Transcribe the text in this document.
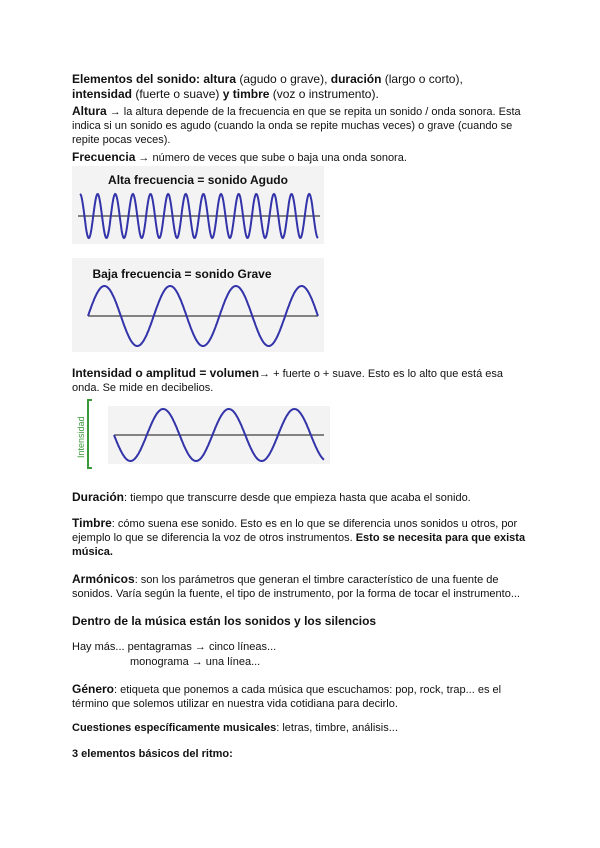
Elementos del sonido: altura (agudo o grave), duración (largo o corto),
intensidad (fuerte o suave) y timbre (voz o instrumento).
Altura → la altura depende de la frecuencia en que se repita un sonido / onda sonora. Esta indica si un sonido es agudo (cuando la onda se repite muchas veces) o grave (cuando se repite pocas veces).
Frecuencia → número de veces que sube o baja una onda sonora.
Alta frecuencia = sonido Agudo
Baja frecuencia = sonido Grave
Intensidad o amplitud = volumen→ + fuerte o + suave. Esto es lo alto que está esa onda. Se mide en decibelios.
Intensidad
Duración: tiempo que transcurre desde que empieza hasta que acaba el sonido.
Timbre: cómo suena ese sonido. Esto es en lo que se diferencia unos sonidos u otros, por ejemplo lo que se diferencia la voz de otros instrumentos. Esto se necesita para que exista música.
Armónicos: son los parámetros que generan el timbre característico de una fuente de sonidos. Varía según la fuente, el tipo de instrumento, por la forma de tocar el instrumento...
Dentro de la música están los sonidos y los silencios
Hay más... pentagramas → cinco líneas...
monograma → una línea...
Género: etiqueta que ponemos a cada música que escuchamos: pop, rock, trap... es el término que solemos utilizar en nuestra vida cotidiana para decirlo.
Cuestiones específicamente musicales: letras, timbre, análisis...
3 elementos básicos del ritmo:
